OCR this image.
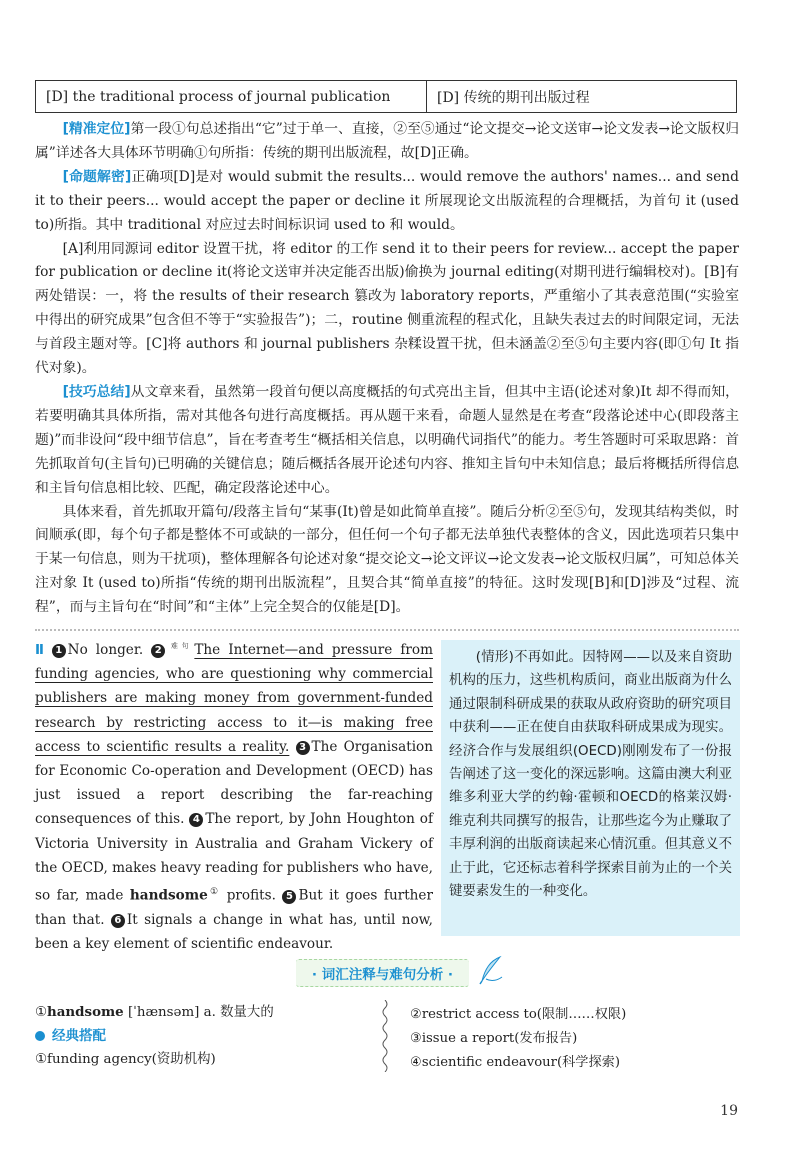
[D] the traditional process of journal publication	[D] 传统的期刊出版过程

[精准定位]第一段①句总述指出“它”过于单一、直接，②至⑤通过“论文提交→论文送审→论文发表→论文版权归属”详述各大具体环节明确①句所指：传统的期刊出版流程，故[D]正确。

[命题解密]正确项[D]是对 would submit the results... would remove the authors' names... and send it to their peers... would accept the paper or decline it 所展现论文出版流程的合理概括，为首句 it (used to)所指。其中 traditional 对应过去时间标识词 used to 和 would。

[A]利用同源词 editor 设置干扰，将 editor 的工作 send it to their peers for review... accept the paper for publication or decline it(将论文送审并决定能否出版)偷换为 journal editing(对期刊进行编辑校对)。[B]有两处错误：一，将 the results of their research 篡改为 laboratory reports，严重缩小了其表意范围(“实验室中得出的研究成果”包含但不等于“实验报告”)；二，routine 侧重流程的程式化，且缺失表过去的时间限定词，无法与首段主题对等。[C]将 authors 和 journal publishers 杂糅设置干扰，但未涵盖②至⑤句主要内容(即①句 It 指代对象)。

[技巧总结]从文章来看，虽然第一段首句便以高度概括的句式亮出主旨，但其中主语(论述对象)It 却不得而知，若要明确其具体所指，需对其他各句进行高度概括。再从题干来看，命题人显然是在考查“段落论述中心(即段落主题)”而非设问“段中细节信息”，旨在考查考生“概括相关信息，以明确代词指代”的能力。考生答题时可采取思路：首先抓取首句(主旨句)已明确的关键信息；随后概括各展开论述句内容、推知主旨句中未知信息；最后将概括所得信息和主旨句信息相比较、匹配，确定段落论述中心。

具体来看，首先抓取开篇句/段落主旨句“某事(It)曾是如此简单直接”。随后分析②至⑤句，发现其结构类似，时间顺承(即，每个句子都是整体不可或缺的一部分，但任何一个句子都无法单独代表整体的含义，因此选项若只集中于某一句信息，则为干扰项)，整体理解各句论述对象“提交论文→论文评议→论文发表→论文版权归属”，可知总体关注对象 It (used to)所指“传统的期刊出版流程”，且契合其“简单直接”的特征。这时发现[B]和[D]涉及“过程、流程”，而与主旨句在“时间”和“主体”上完全契合的仅能是[D]。

Ⅱ 1 No longer. 2 $^{难句}$ The Internet—and pressure from funding agencies, who are questioning why commercial publishers are making money from government-funded research by restricting access to it—is making free access to scientific results a reality. 3 The Organisation for Economic Co-operation and Development (OECD) has just issued a report describing the far-reaching consequences of this. 4 The report, by John Houghton of Victoria University in Australia and Graham Vickery of the OECD, makes heavy reading for publishers who have, so far, made handsome① profits. 5 But it goes further than that. 6 It signals a change in what has, until now, been a key element of scientific endeavour.

(情形)不再如此。因特网——以及来自资助机构的压力，这些机构质问，商业出版商为什么通过限制科研成果的获取从政府资助的研究项目中获利——正在使自由获取科研成果成为现实。经济合作与发展组织(OECD)刚刚发布了一份报告阐述了这一变化的深远影响。这篇由澳大利亚维多利亚大学的约翰·霍顿和OECD的格莱汉姆·维克利共同撰写的报告，让那些迄今为止赚取了丰厚利润的出版商读起来心情沉重。但其意义不止于此，它还标志着科学探索目前为止的一个关键要素发生的一种变化。

· 词汇注释与难句分析 ·
①handsome [ˈhænsəm] a. 数量大的
经典搭配
①funding agency(资助机构)
②restrict access to(限制……权限)
③issue a report(发布报告)
④scientific endeavour(科学探索)
19
